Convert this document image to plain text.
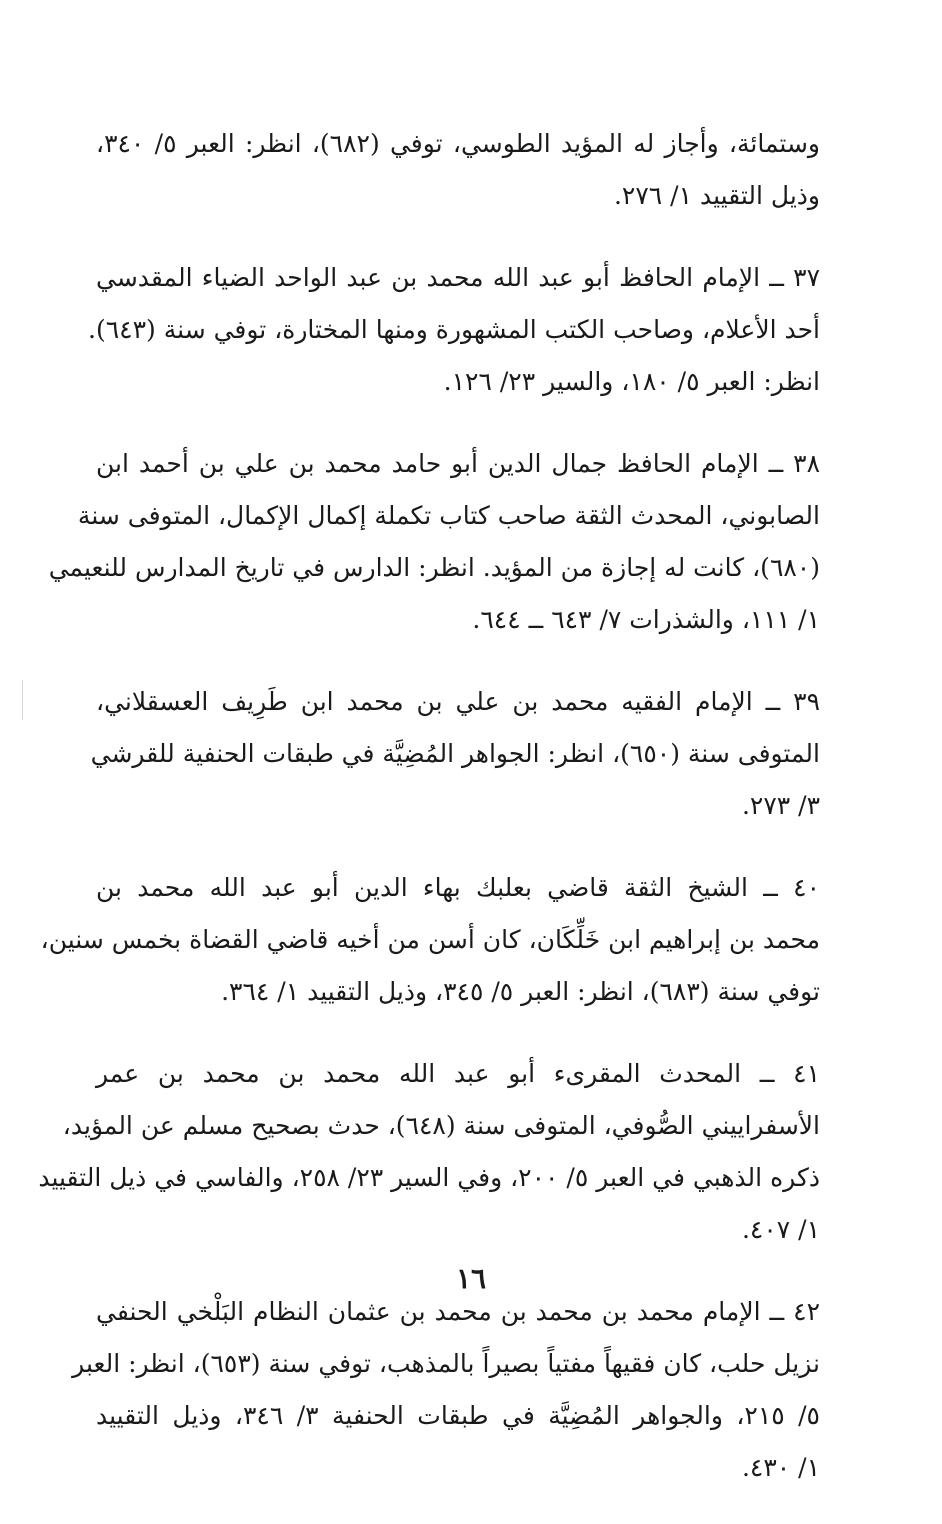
وستمائة، وأجاز له المؤيد الطوسي، توفي (٦٨٢)، انظر: العبر ٥/ ٣٤٠،
وذيل التقييد ١/ ٢٧٦.
٣٧ ــ الإمام الحافظ أبو عبد الله محمد بن عبد الواحد الضياء المقدسي
أحد الأعلام، وصاحب الكتب المشهورة ومنها المختارة، توفي سنة (٦٤٣).
انظر: العبر ٥/ ١٨٠، والسير ٢٣/ ١٢٦.
٣٨ ــ الإمام الحافظ جمال الدين أبو حامد محمد بن علي بن أحمد ابن
الصابوني، المحدث الثقة صاحب كتاب تكملة إكمال الإكمال، المتوفى سنة
(٦٨٠)، كانت له إجازة من المؤيد. انظر: الدارس في تاريخ المدارس للنعيمي
١/ ١١١، والشذرات ٧/ ٦٤٣ ــ ٦٤٤.
٣٩ ــ الإمام الفقيه محمد بن علي بن محمد ابن طَرِيف العسقلاني،
المتوفى سنة (٦٥٠)، انظر: الجواهر المُضِيَّة في طبقات الحنفية للقرشي
٣/ ٢٧٣.
٤٠ ــ الشيخ الثقة قاضي بعلبك بهاء الدين أبو عبد الله محمد بن
محمد بن إبراهيم ابن خَلِّكَان، كان أسن من أخيه قاضي القضاة بخمس سنين،
توفي سنة (٦٨٣)، انظر: العبر ٥/ ٣٤٥، وذيل التقييد ١/ ٣٦٤.
٤١ ــ المحدث المقرىء أبو عبد الله محمد بن محمد بن عمر
الأسفراييني الصُّوفي، المتوفى سنة (٦٤٨)، حدث بصحيح مسلم عن المؤيد،
ذكره الذهبي في العبر ٥/ ٢٠٠، وفي السير ٢٣/ ٢٥٨، والفاسي في ذيل التقييد
١/ ٤٠٧.
٤٢ ــ الإمام محمد بن محمد بن محمد بن عثمان النظام البَلْخي الحنفي
نزيل حلب، كان فقيهاً مفتياً بصيراً بالمذهب، توفي سنة (٦٥٣)، انظر: العبر
٥/ ٢١٥، والجواهر المُضِيَّة في طبقات الحنفية ٣/ ٣٤٦، وذيل التقييد
١/ ٤٣٠.
١٦
